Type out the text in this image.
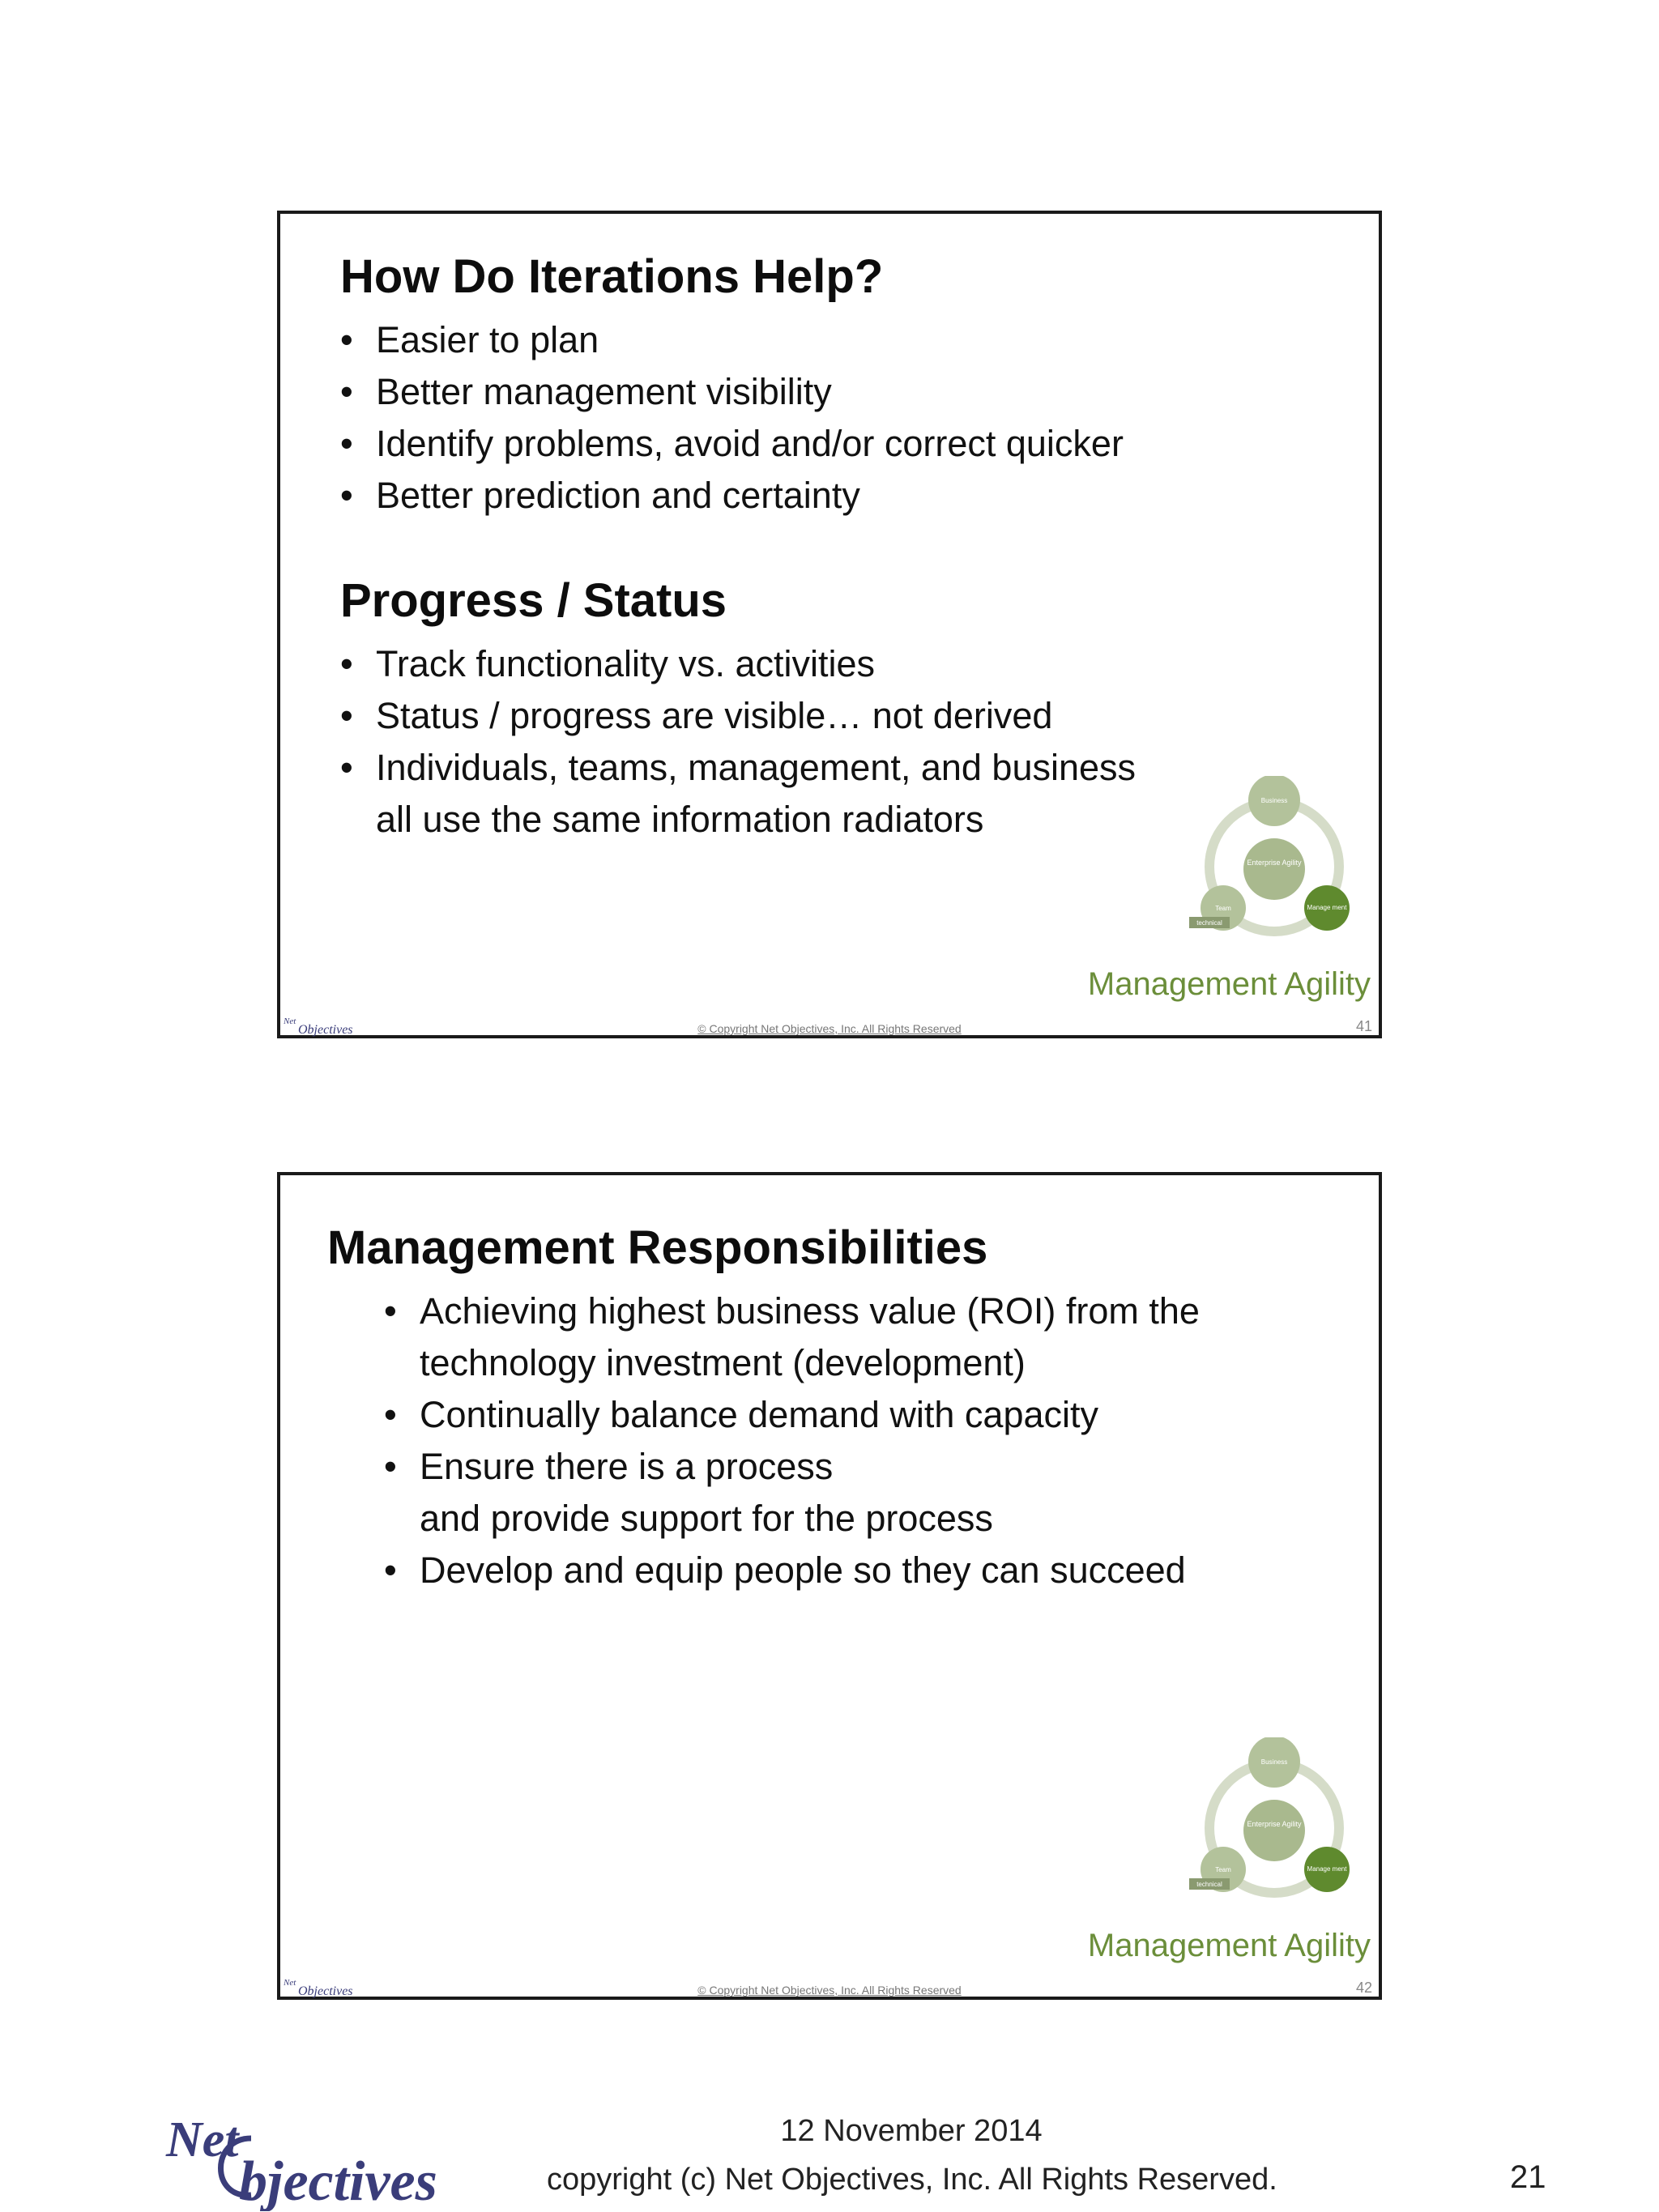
How Do Iterations Help?
• Easier to plan
• Better management visibility
• Identify problems, avoid and/or correct quicker
• Better prediction and certainty
Progress / Status
• Track functionality vs. activities
• Status / progress are visible… not derived
• Individuals, teams, management, and business
all use the same information radiators
Enterprise Agility
Business
Manage ment
Team
technical
Management Agility
Net
Objectives	© Copyright Net Objectives, Inc. All Rights Reserved	41
Management Responsibilities
• Achieving highest business value (ROI) from the
technology investment (development)
• Continually balance demand with capacity
• Ensure there is a process
and provide support for the process
• Develop and equip people so they can succeed
Enterprise Agility
Business
Manage ment
Team
technical
Management Agility
Net
Objectives	© Copyright Net Objectives, Inc. All Rights Reserved	42
Net
bjectives
12 November 2014
copyright (c) Net Objectives, Inc. All Rights Reserved.	21
